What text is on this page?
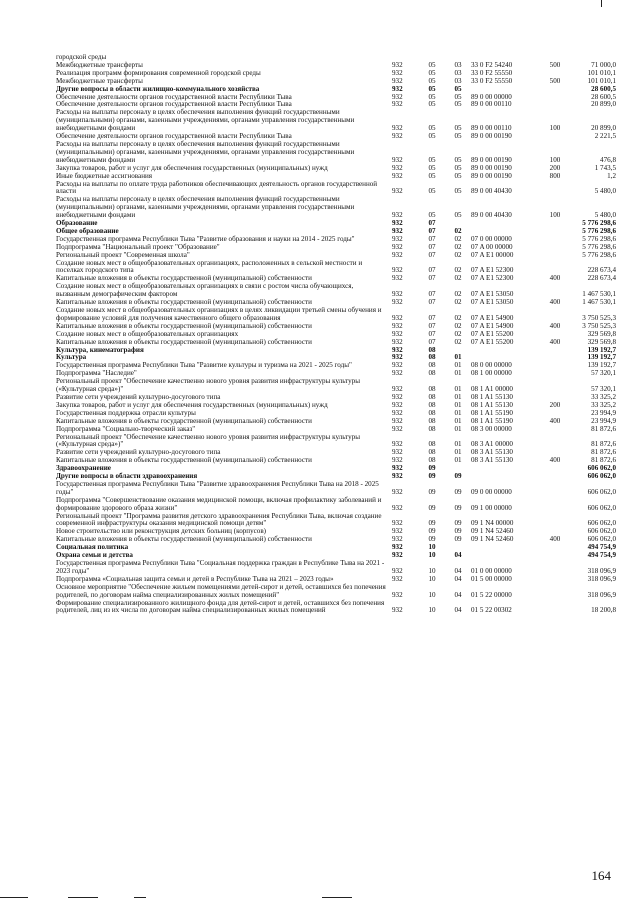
городской среды
Межбюджетные трансферты	932	05	03	33 0 F2 54240	500	71 000,0
Реализация программ формирования современной городской среды	932	05	03	33 0 F2 55550	101 010,1
Межбюджетные трансферты	932	05	03	33 0 F2 55550	500	101 010,1
Другие вопросы в области жилищно-коммунального хозяйства	932	05	05	28 600,5
Обеспечение деятельности органов государственной власти Республики Тыва	932	05	05	89 0 00 00000	28 600,5
Обеспечение деятельности органов государственной власти Республики Тыва	932	05	05	89 0 00 00110	20 899,0
Расходы на выплаты персоналу в целях обеспечения выполнения функций государственными (муниципальными) органами, казенными учреждениями, органами управления государственными внебюджетными фондами	932	05	05	89 0 00 00110	100	20 899,0
Обеспечение деятельности органов государственной власти Республики Тыва	932	05	05	89 0 00 00190	2 221,5
Расходы на выплаты персоналу в целях обеспечения выполнения функций государственными (муниципальными) органами, казенными учреждениями, органами управления государственными внебюджетными фондами	932	05	05	89 0 00 00190	100	476,8
Закупка товаров, работ и услуг для обеспечения государственных (муниципальных) нужд	932	05	05	89 0 00 00190	200	1 743,5
Иные бюджетные ассигнования	932	05	05	89 0 00 00190	800	1,2
Расходы на выплаты по оплате труда работников обеспечивающих деятельность органов государственной власти	932	05	05	89 0 00 40430	5 480,0
Расходы на выплаты персоналу в целях обеспечения выполнения функций государственными (муниципальными) органами, казенными учреждениями, органами управления государственными внебюджетными фондами	932	05	05	89 0 00 40430	100	5 480,0
Образование	932	07	5 776 298,6
Общее образование	932	07	02	5 776 298,6
Государственная программа Республики Тыва "Развитие образования и науки на 2014 - 2025 годы"	932	07	02	07 0 00 00000	5 776 298,6
Подпрограмма "Национальный проект "Образование"	932	07	02	07 A 00 00000	5 776 298,6
Региональный проект "Современная школа"	932	07	02	07 A E1 00000	5 776 298,6
Создание новых мест в общеобразовательных организациях, расположенных в сельской местности и поселках городского типа	932	07	02	07 A E1 52300	228 673,4
Капитальные вложения в объекты государственной (муниципальной) собственности	932	07	02	07 A E1 52300	400	228 673,4
Создание новых мест в общеобразовательных организациях в связи с ростом числа обучающихся, вызванным демографическим фактором	932	07	02	07 A E1 53050	1 467 530,1
Капитальные вложения в объекты государственной (муниципальной) собственности	932	07	02	07 A E1 53050	400	1 467 530,1
Создание новых мест в общеобразовательных организациях в целях ликвидации третьей смены обучения и формирование условий для получения качественного общего образования	932	07	02	07 A E1 54900	3 750 525,3
Капитальные вложения в объекты государственной (муниципальной) собственности	932	07	02	07 A E1 54900	400	3 750 525,3
Создание новых мест в общеобразовательных организациях	932	07	02	07 A E1 55200	329 569,8
Капитальные вложения в объекты государственной (муниципальной) собственности	932	07	02	07 A E1 55200	400	329 569,8
Культура, кинематография	932	08	139 192,7
Культура	932	08	01	139 192,7
Государственная программа Республики Тыва "Развитие культуры и туризма на 2021 - 2025 годы"	932	08	01	08 0 00 00000	139 192,7
Подпрограмма "Наследие"	932	08	01	08 1 00 00000	57 320,1
Региональный проект "Обеспечение качественно нового уровня развития инфраструктуры культуры («Культурная среда»)"	932	08	01	08 1 A1 00000	57 320,1
Развитие сети учреждений культурно-досугового типа	932	08	01	08 1 A1 55130	33 325,2
Закупка товаров, работ и услуг для обеспечения государственных (муниципальных) нужд	932	08	01	08 1 A1 55130	200	33 325,2
Государственная поддержка отрасли культуры	932	08	01	08 1 A1 55190	23 994,9
Капитальные вложения в объекты государственной (муниципальной) собственности	932	08	01	08 1 A1 55190	400	23 994,9
Подпрограмма "Социально-творческий заказ"	932	08	01	08 3 00 00000	81 872,6
Региональный проект "Обеспечение качественно нового уровня развития инфраструктуры культуры («Культурная среда»)"	932	08	01	08 3 A1 00000	81 872,6
Развитие сети учреждений культурно-досугового типа	932	08	01	08 3 A1 55130	81 872,6
Капитальные вложения в объекты государственной (муниципальной) собственности	932	08	01	08 3 A1 55130	400	81 872,6
Здравоохранение	932	09	606 062,0
Другие вопросы в области здравоохранения	932	09	09	606 062,0
Государственная программа Республики Тыва "Развитие здравоохранения Республики Тыва на 2018 - 2025 годы"	932	09	09	09 0 00 00000	606 062,0
Подпрограмма "Совершенствование оказания медицинской помощи, включая профилактику заболеваний и формирование здорового образа жизни"	932	09	09	09 1 00 00000	606 062,0
Региональный проект "Программа развития детского здравоохранения Республики Тыва, включая создание современной инфраструктуры оказания медицинской помощи детям"	932	09	09	09 1 N4 00000	606 062,0
Новое строительство или реконструкция детских больниц (корпусов)	932	09	09	09 1 N4 52460	606 062,0
Капитальные вложения в объекты государственной (муниципальной) собственности	932	09	09	09 1 N4 52460	400	606 062,0
Социальная политика	932	10	494 754,9
Охрана семьи и детства	932	10	04	494 754,9
Государственная программа Республики Тыва "Социальная поддержка граждан в Республике Тыва на 2021 - 2023 годы"	932	10	04	01 0 00 00000	318 096,9
Подпрограмма «Социальная защита семьи и детей в Республике Тыва на 2021 – 2023 годы»	932	10	04	01 5 00 00000	318 096,9
Основное мероприятие "Обеспечение жильем помещениями детей-сирот и детей, оставшихся без попечения родителей, по договорам найма специализированных жилых помещений"	932	10	04	01 5 22 00000	318 096,9
Формирование специализированного жилищного фонда для детей-сирот и детей, оставшихся без попечения родителей, лиц из их числа по договорам найма специализированных жилых помещений	932	10	04	01 5 22 00302	18 200,8
164
